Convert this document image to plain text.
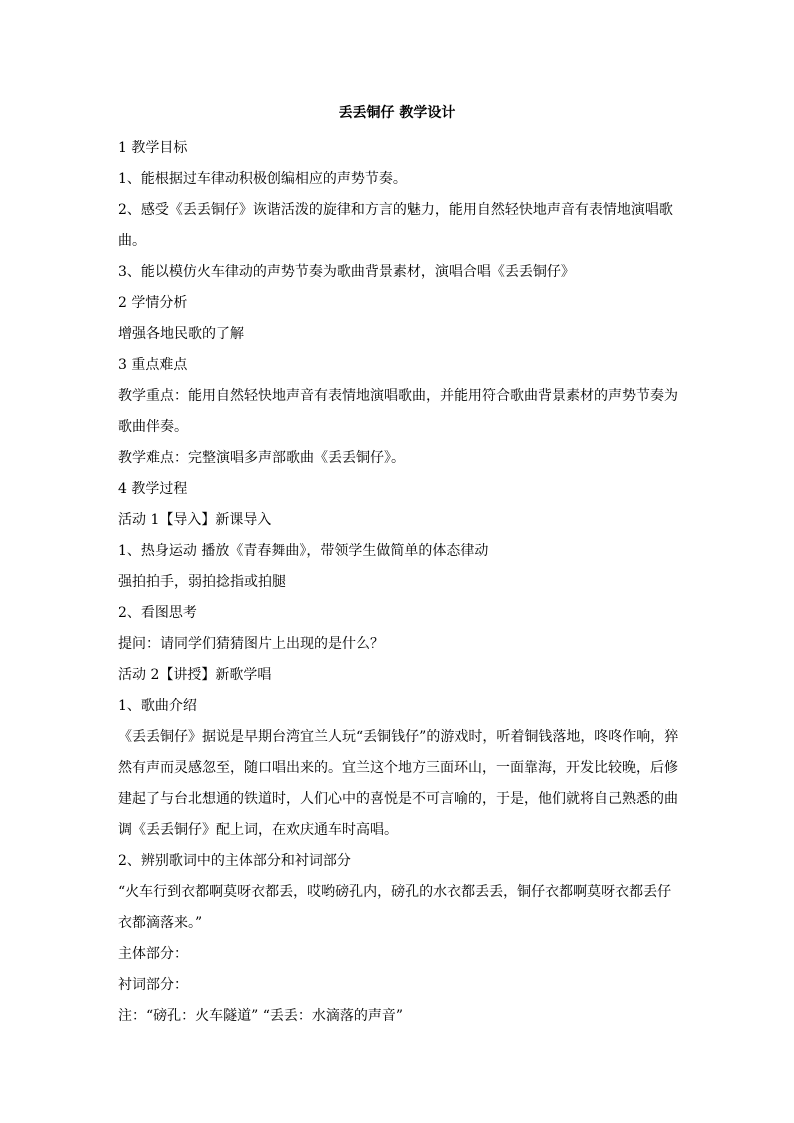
丢丢铜仔 教学设计

1 教学目标

1、能根据过车律动积极创编相应的声势节奏。

2、感受《丢丢铜仔》诙谐活泼的旋律和方言的魅力，能用自然轻快地声音有表情地演唱歌曲。

3、能以模仿火车律动的声势节奏为歌曲背景素材，演唱合唱《丢丢铜仔》

2 学情分析

增强各地民歌的了解

3 重点难点

教学重点：能用自然轻快地声音有表情地演唱歌曲，并能用符合歌曲背景素材的声势节奏为歌曲伴奏。

教学难点：完整演唱多声部歌曲《丢丢铜仔》。

4 教学过程

活动 1【导入】新课导入

1、热身运动 播放《青春舞曲》，带领学生做简单的体态律动

强拍拍手，弱拍捻指或拍腿

2、看图思考

提问：请同学们猜猜图片上出现的是什么？

活动 2【讲授】新歌学唱

1、歌曲介绍

《丢丢铜仔》据说是早期台湾宜兰人玩“丢铜钱仔”的游戏时，听着铜钱落地，咚咚作响，猝然有声而灵感忽至，随口唱出来的。宜兰这个地方三面环山，一面靠海，开发比较晚，后修建起了与台北想通的铁道时，人们心中的喜悦是不可言喻的，于是，他们就将自己熟悉的曲调《丢丢铜仔》配上词，在欢庆通车时高唱。

2、辨别歌词中的主体部分和衬词部分

“火车行到衣都啊莫呀衣都丢，哎哟磅孔内，磅孔的水衣都丢丢，铜仔衣都啊莫呀衣都丢仔衣都滴落来。”

主体部分：

衬词部分：

注：“磅孔：火车隧道” “丢丢：水滴落的声音”
